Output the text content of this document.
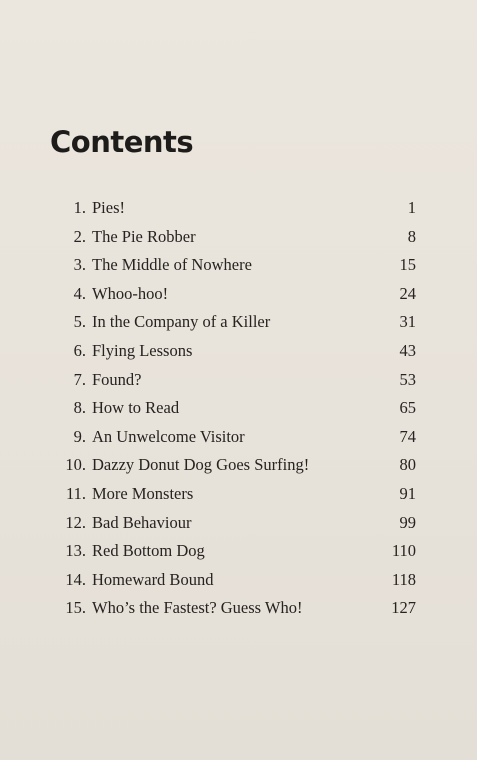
Contents
1. Pies!	1
2. The Pie Robber	8
3. The Middle of Nowhere	15
4. Whoo-hoo!	24
5. In the Company of a Killer	31
6. Flying Lessons	43
7. Found?	53
8. How to Read	65
9. An Unwelcome Visitor	74
10. Dazzy Donut Dog Goes Surfing!	80
11. More Monsters	91
12. Bad Behaviour	99
13. Red Bottom Dog	110
14. Homeward Bound	118
15. Who’s the Fastest? Guess Who!	127
